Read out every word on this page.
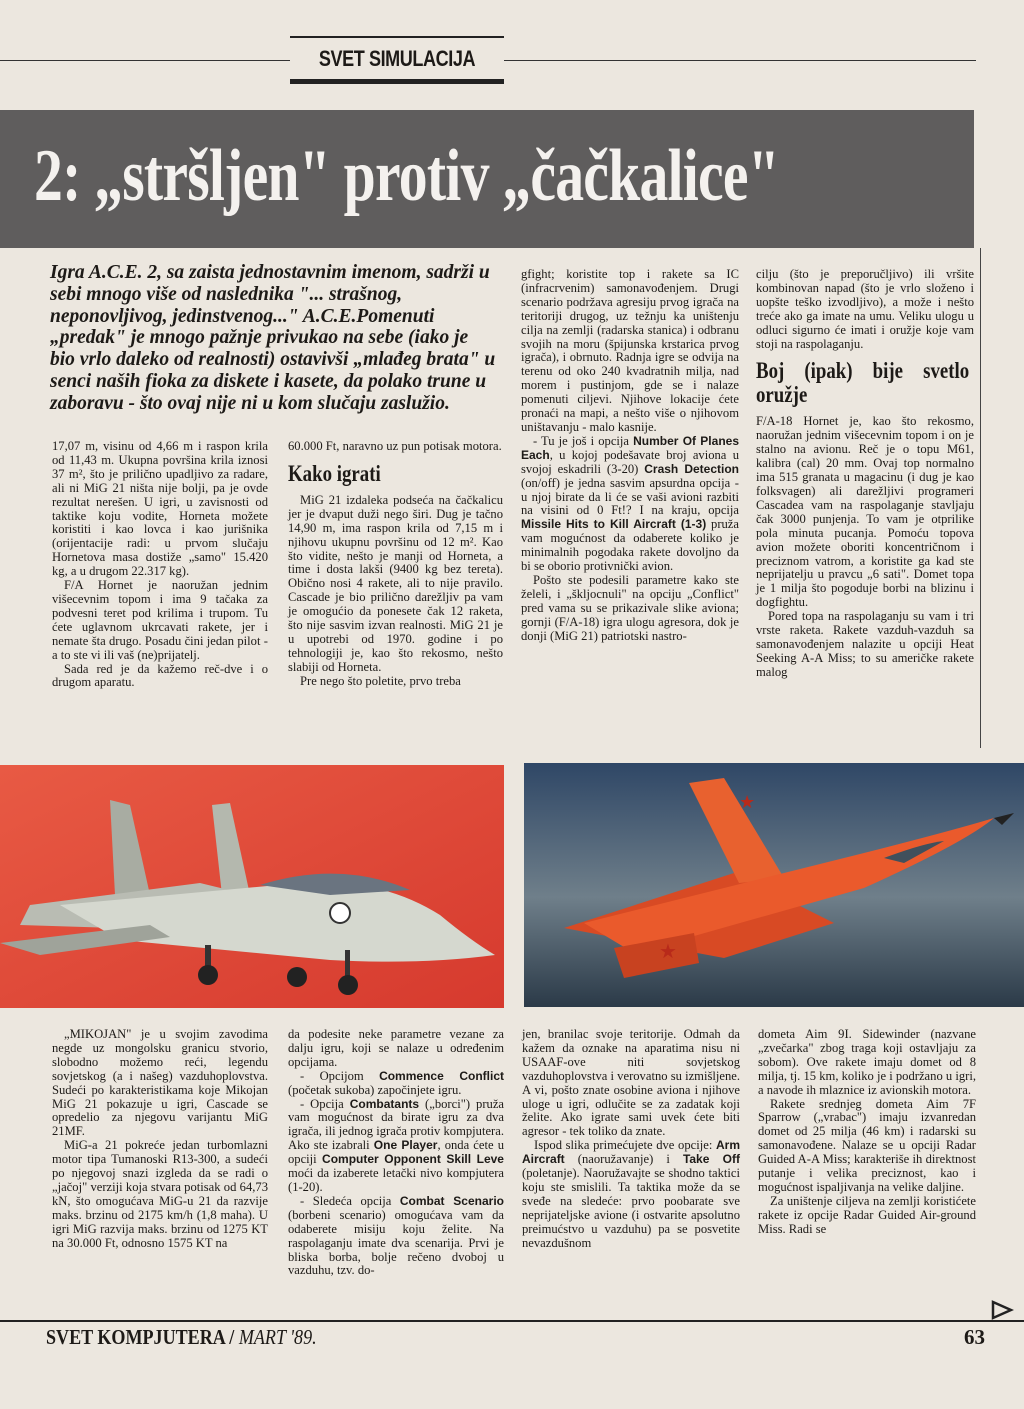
SVET SIMULACIJA
2: „stršljen" protiv „čačkalice"
Igra A.C.E. 2, sa zaista jednostavnim imenom, sadrži u sebi mnogo više od naslednika "... strašnog, neponovljivog, jedinstvenog..." A.C.E.Pomenuti „predak" je mnogo pažnje privukao na sebe (iako je bio vrlo daleko od realnosti) ostavivši „mlađeg brata" u senci naših fioka za diskete i kasete, da polako trune u zaboravu - što ovaj nije ni u kom slučaju zaslužio.

17,07 m, visinu od 4,66 m i raspon krila od 11,43 m. Ukupna površina krila iznosi 37 m², što je prilično upadljivo za radare, ali ni MiG 21 ništa nije bolji, pa je ovde rezultat nerešen. U igri, u zavisnosti od taktike koju vodite, Horneta možete koristiti i kao lovca i kao jurišnika (orijentacije radi: u prvom slučaju Hornetova masa dostiže „samo" 15.420 kg, a u drugom 22.317 kg).

F/A Hornet je naoružan jednim višecevnim topom i ima 9 tačaka za podvesni teret pod krilima i trupom. Tu ćete uglavnom ukrcavati rakete, jer i nemate šta drugo. Posadu čini jedan pilot - a to ste vi ili vaš (ne)prijatelj.

Sada red je da kažemo reč-dve i o drugom aparatu.

60.000 Ft, naravno uz pun potisak motora.

Kako igrati

MiG 21 izdaleka podseća na čačkalicu jer je dvaput duži nego širi. Dug je tačno 14,90 m, ima raspon krila od 7,15 m i njihovu ukupnu površinu od 12 m². Kao što vidite, nešto je manji od Horneta, a time i dosta lakši (9400 kg bez tereta). Obično nosi 4 rakete, ali to nije pravilo. Cascade je bio prilično darežljiv pa vam je omogućio da ponesete čak 12 raketa, što nije sasvim izvan realnosti. MiG 21 je u upotrebi od 1970. godine i po tehnologiji je, kao što rekosmo, nešto slabiji od Horneta.

Pre nego što poletite, prvo treba

gfight; koristite top i rakete sa IC (infracrvenim) samonavođenjem. Drugi scenario podržava agresiju prvog igrača na teritoriji drugog, uz težnju ka uništenju cilja na zemlji (radarska stanica) i odbranu svojih na moru (špijunska krstarica prvog igrača), i obrnuto. Radnja igre se odvija na terenu od oko 240 kvadratnih milja, nad morem i pustinjom, gde se i nalaze pomenuti ciljevi. Njihove lokacije ćete pronaći na mapi, a nešto više o njihovom uništavanju - malo kasnije.

- Tu je još i opcija Number Of Planes Each, u kojoj podešavate broj aviona u svojoj eskadrili (3-20) Crash Detection (on/off) je jedna sasvim apsurdna opcija - u njoj birate da li će se vaši avioni razbiti na visini od 0 Ft!? I na kraju, opcija Missile Hits to Kill Aircraft (1-3) pruža vam mogućnost da odaberete koliko je minimalnih pogodaka rakete dovoljno da bi se oborio protivnički avion.

Pošto ste podesili parametre kako ste želeli, i „škljocnuli" na opciju „Conflict" pred vama su se prikazivale slike aviona; gornji (F/A-18) igra ulogu agresora, dok je donji (MiG 21) patriotski nastro-

cilju (što je preporučljivo) ili vršite kombinovan napad (što je vrlo složeno i uopšte teško izvodljivo), a može i nešto treće ako ga imate na umu. Veliku ulogu u odluci sigurno će imati i oružje koje vam stoji na raspolaganju.

Boj (ipak) bije svetlo oružje

F/A-18 Hornet je, kao što rekosmo, naoružan jednim višecevnim topom i on je stalno na avionu. Reč je o topu M61, kalibra (cal) 20 mm. Ovaj top normalno ima 515 granata u magacinu (i dug je kao folksvagen) ali darežljivi programeri Cascadea vam na raspolaganje stavljaju čak 3000 punjenja. To vam je otprilike pola minuta pucanja. Pomoću topova avion možete oboriti koncentričnom i preciznom vatrom, a koristite ga kad ste neprijatelju u pravcu „6 sati". Domet topa je 1 milja što pogoduje borbi na blizinu i dogfightu.

Pored topa na raspolaganju su vam i tri vrste raketa. Rakete vazduh-vazduh sa samonavođenjem nalazite u opciji Heat Seeking A-A Miss; to su američke rakete malog

★
★

„MIKOJAN" je u svojim zavodima negde uz mongolsku granicu stvorio, slobodno možemo reći, legendu sovjetskog (a i našeg) vazduhoplovstva. Sudeći po karakteristikama koje Mikojan MiG 21 pokazuje u igri, Cascade se opredelio za njegovu varijantu MiG 21MF.

MiG-a 21 pokreće jedan turbomlazni motor tipa Tumanoski R13-300, a sudeći po njegovoj snazi izgleda da se radi o „jačoj" verziji koja stvara potisak od 64,73 kN, što omogućava MiG-u 21 da razvije maks. brzinu od 2175 km/h (1,8 maha). U igri MiG razvija maks. brzinu od 1275 KT na 30.000 Ft, odnosno 1575 KT na

da podesite neke parametre vezane za dalju igru, koji se nalaze u određenim opcijama.

- Opcijom Commence Conflict (početak sukoba) započinjete igru.

- Opcija Combatants („borci") pruža vam mogućnost da birate igru za dva igrača, ili jednog igrača protiv kompjutera. Ako ste izabrali One Player, onda ćete u opciji Computer Opponent Skill Leve moći da izaberete letački nivo kompjutera (1-20).

- Sledeća opcija Combat Scenario (borbeni scenario) omogućava vam da odaberete misiju koju želite. Na raspolaganju imate dva scenarija. Prvi je bliska borba, bolje rečeno dvoboj u vazduhu, tzv. do-

jen, branilac svoje teritorije. Odmah da kažem da oznake na aparatima nisu ni USAAF-ove niti sovjetskog vazduhoplovstva i verovatno su izmišljene. A vi, pošto znate osobine aviona i njihove uloge u igri, odlučite se za zadatak koji želite. Ako igrate sami uvek ćete biti agresor - tek toliko da znate.

Ispod slika primećujete dve opcije: Arm Aircraft (naoružavanje) i Take Off (poletanje). Naoružavajte se shodno taktici koju ste smislili. Ta taktika može da se sveđe na sledeće: prvo poobarate sve neprijateljske avione (i ostvarite apsolutno preimućstvo u vazduhu) pa se posvetite nevazdušnom

dometa Aim 9I. Sidewinder (nazvane „zvečarka" zbog traga koji ostavljaju za sobom). Ove rakete imaju domet od 8 milja, tj. 15 km, koliko je i podržano u igri, a navode ih mlaznice iz avionskih motora.

Rakete srednjeg dometa Aim 7F Sparrow („vrabac") imaju izvanredan domet od 25 milja (46 km) i radarski su samonavođene. Nalaze se u opciji Radar Guided A-A Miss; karakteriše ih direktnost putanje i velika preciznost, kao i mogućnost ispaljivanja na velike daljine.

Za uništenje ciljeva na zemlji koristićete rakete iz opcije Radar Guided Air-ground Miss. Radi se

SVET KOMPJUTERA / MART '89.	63
